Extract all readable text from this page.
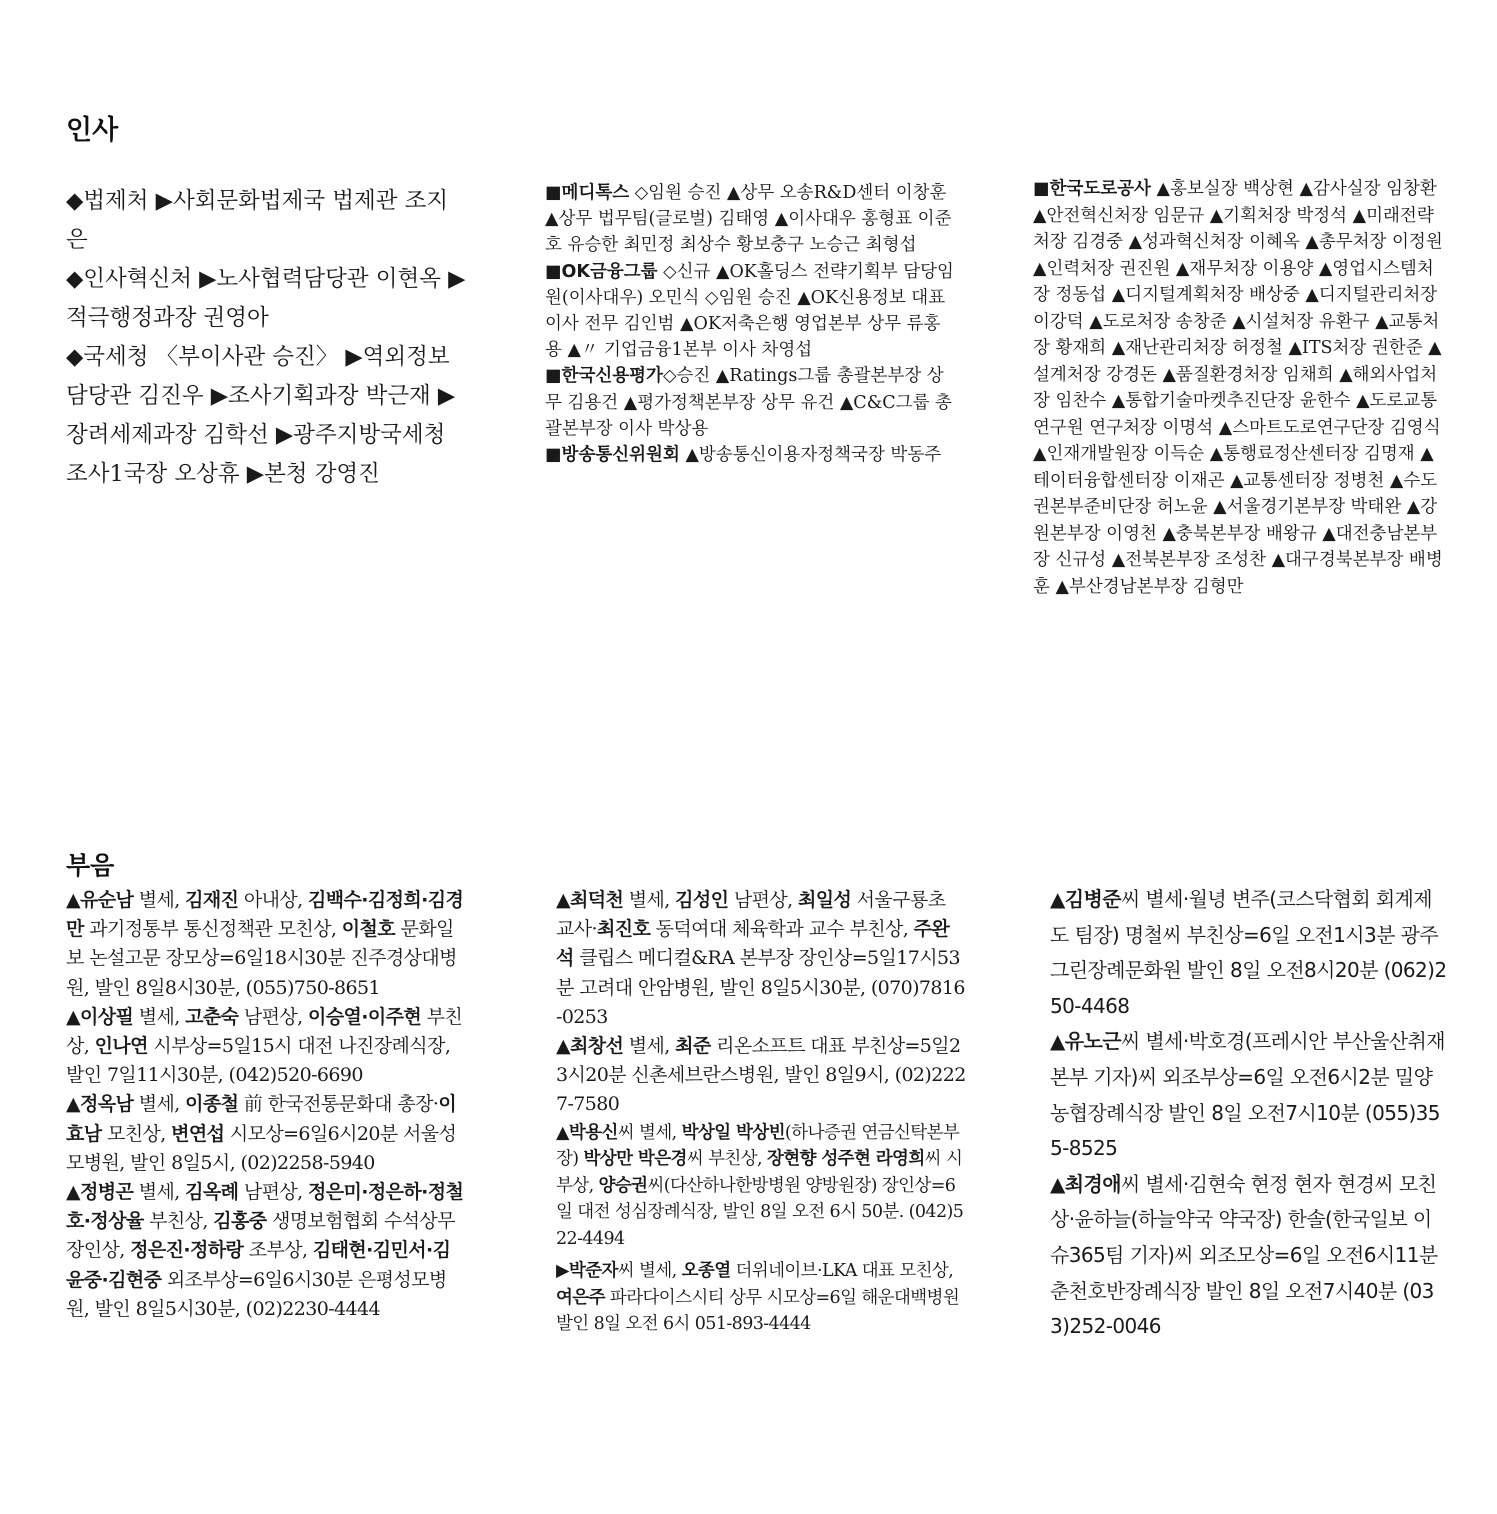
인사

◆법제처 ▶사회문화법제국 법제관 조지은

◆인사혁신처 ▶노사협력담당관 이현옥 ▶적극행정과장 권영아

◆국세청 〈부이사관 승진〉 ▶역외정보담당관 김진우 ▶조사기획과장 박근재 ▶장려세제과장 김학선 ▶광주지방국세청 조사1국장 오상휴 ▶본청 강영진

■메디톡스 ◇임원 승진 ▲상무 오송R&D센터 이창훈 ▲상무 법무팀(글로벌) 김태영 ▲이사대우 홍형표 이준호 유승한 최민정 최상수 황보충구 노승근 최형섭

■OK금융그룹 ◇신규 ▲OK홀딩스 전략기획부 담당임원(이사대우) 오민식 ◇임원 승진 ▲OK신용정보 대표이사 전무 김인범 ▲OK저축은행 영업본부 상무 류홍용 ▲〃 기업금융1본부 이사 차영섭

■한국신용평가◇승진 ▲Ratings그룹 총괄본부장 상무 김용건 ▲평가정책본부장 상무 유건 ▲C&C그룹 총괄본부장 이사 박상용

■방송통신위원회 ▲방송통신이용자정책국장 박동주

■한국도로공사 ▲홍보실장 백상현 ▲감사실장 임창환 ▲안전혁신처장 임문규 ▲기획처장 박정석 ▲미래전략처장 김경중 ▲성과혁신처장 이혜옥 ▲총무처장 이정원 ▲인력처장 권진원 ▲재무처장 이용양 ▲영업시스템처장 정동섭 ▲디지털계획처장 배상중 ▲디지털관리처장 이강덕 ▲도로처장 송창준 ▲시설처장 유환구 ▲교통처장 황재희 ▲재난관리처장 허정철 ▲ITS처장 권한준 ▲설계처장 강경돈 ▲품질환경처장 임채희 ▲해외사업처장 임찬수 ▲통합기술마켓추진단장 윤한수 ▲도로교통연구원 연구처장 이명석 ▲스마트도로연구단장 김영식 ▲인재개발원장 이득순 ▲통행료정산센터장 김명재 ▲테이터융합센터장 이재곤 ▲교통센터장 정병천 ▲수도권본부준비단장 허노윤 ▲서울경기본부장 박태완 ▲강원본부장 이영천 ▲충북본부장 배왕규 ▲대전충남본부장 신규성 ▲전북본부장 조성찬 ▲대구경북본부장 배병훈 ▲부산경남본부장 김형만

부음

▲유순남 별세, 김재진 아내상, 김백수·김정희·김경만 과기정통부 통신정책관 모친상, 이철호 문화일보 논설고문 장모상=6일18시30분 진주경상대병원, 발인 8일8시30분, (055)750-8651

▲이상필 별세, 고춘숙 남편상, 이승열·이주현 부친상, 인나연 시부상=5일15시 대전 나진장례식장, 발인 7일11시30분, (042)520-6690

▲정옥남 별세, 이종철 前 한국전통문화대 총장·이효남 모친상, 변연섭 시모상=6일6시20분 서울성모병원, 발인 8일5시, (02)2258-5940

▲정병곤 별세, 김옥례 남편상, 정은미·정은하·정철호·정상율 부친상, 김홍중 생명보험협회 수석상무 장인상, 정은진·정하랑 조부상, 김태현·김민서·김윤중·김현중 외조부상=6일6시30분 은평성모병원, 발인 8일5시30분, (02)2230-4444

▲최덕천 별세, 김성인 남편상, 최일성 서울구룡초 교사·최진호 동덕여대 체육학과 교수 부친상, 주완석 클립스 메디컬&RA 본부장 장인상=5일17시53분 고려대 안암병원, 발인 8일5시30분, (070)7816-0253

▲최창선 별세, 최준 리온소프트 대표 부친상=5일23시20분 신촌세브란스병원, 발인 8일9시, (02)2227-7580

▲박용신씨 별세, 박상일 박상빈(하나증권 연금신탁본부장) 박상만 박은경씨 부친상, 장현향 성주현 라영희씨 시부상, 양승권씨(다산하나한방병원 양방원장) 장인상=6일 대전 성심장례식장, 발인 8일 오전 6시 50분. (042)522-4494

▶박준자씨 별세, 오종열 더위네이브·LKA 대표 모친상, 여은주 파라다이스시티 상무 시모상=6일 해운대백병원 발인 8일 오전 6시 051-893-4444

▲김병준씨 별세·월녕 변주(코스닥협회 회계제도 팀장) 명철씨 부친상=6일 오전1시3분 광주 그린장례문화원 발인 8일 오전8시20분 (062)250-4468

▲유노근씨 별세·박호경(프레시안 부산울산취재본부 기자)씨 외조부상=6일 오전6시2분 밀양농협장례식장 발인 8일 오전7시10분 (055)355-8525

▲최경애씨 별세·김현숙 현정 현자 현경씨 모친상·윤하늘(하늘약국 약국장) 한솔(한국일보 이슈365팀 기자)씨 외조모상=6일 오전6시11분 춘천호반장례식장 발인 8일 오전7시40분 (033)252-0046
